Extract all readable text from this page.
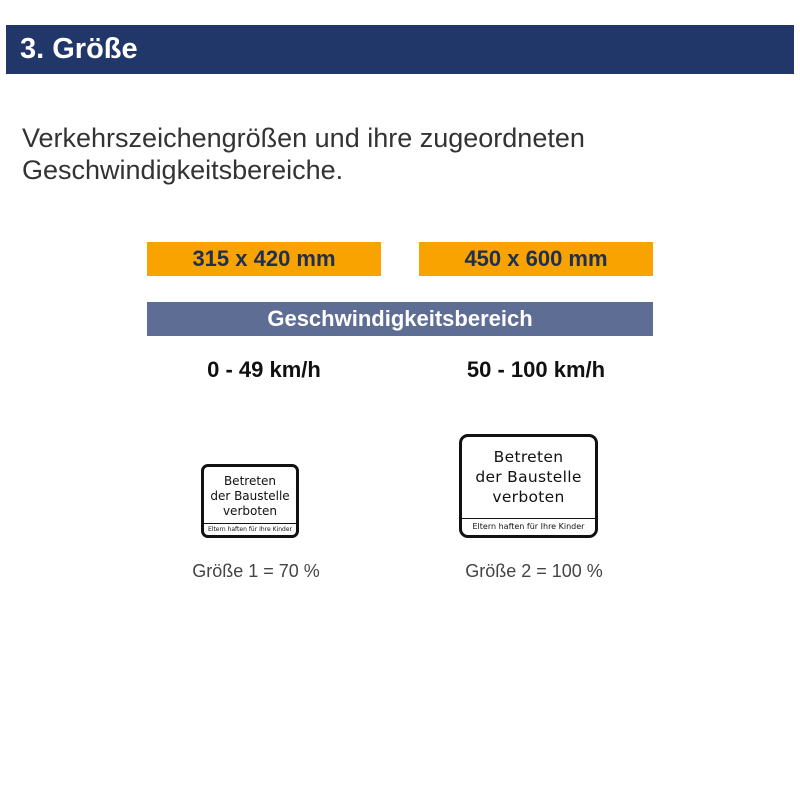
3. Größe
Verkehrszeichengrößen und ihre zugeordneten
Geschwindigkeitsbereiche.
315 x 420 mm	450 x 600 mm
Geschwindigkeitsbereich
0 - 49 km/h	50 - 100 km/h
Betreten
der Baustelle
verboten
Eltern haften für Ihre Kinder
Betreten
der Baustelle
verboten
Eltern haften für Ihre Kinder
Größe 1 = 70 %	Größe 2 = 100 %
